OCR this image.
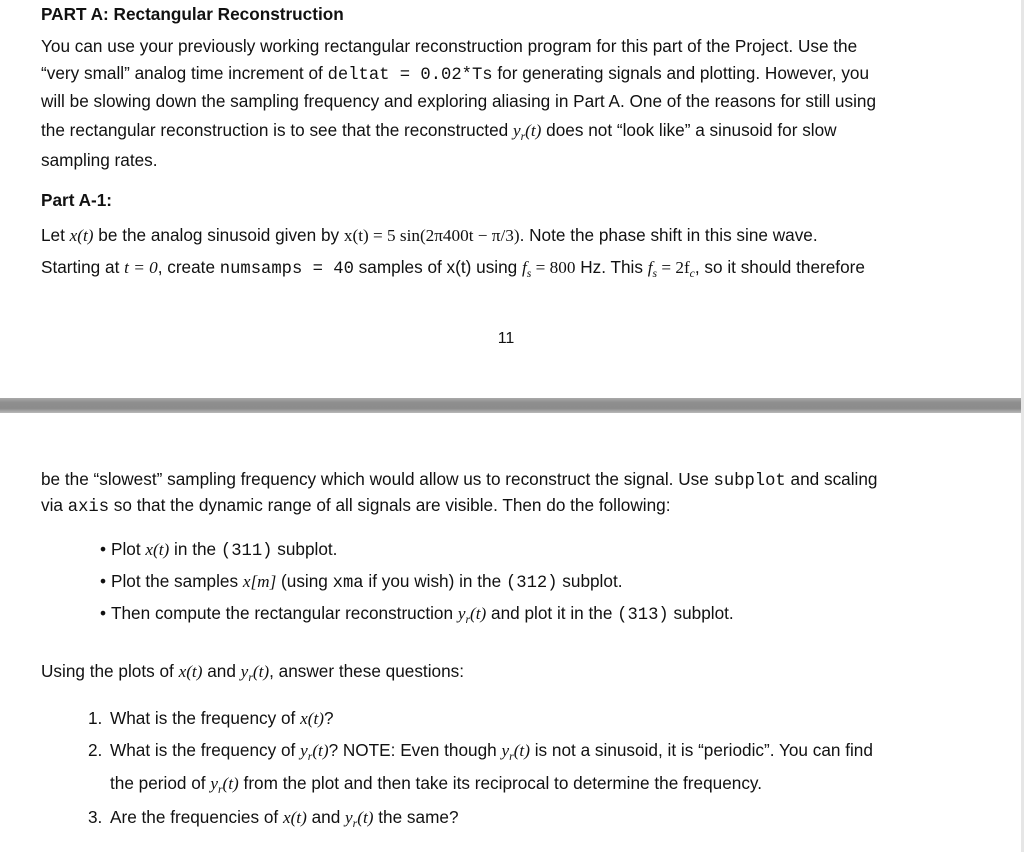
PART A: Rectangular Reconstruction
You can use your previously working rectangular reconstruction program for this part of the Project. Use the
“very small” analog time increment of deltat = 0.02*Ts for generating signals and plotting. However, you
will be slowing down the sampling frequency and exploring aliasing in Part A. One of the reasons for still using
the rectangular reconstruction is to see that the reconstructed $y_r(t)$ does not “look like” a sinusoid for slow
sampling rates.
Part A-1:
Let x(t) be the analog sinusoid given by x(t) = 5 sin(2π400t − π/3). Note the phase shift in this sine wave.
Starting at t = 0, create numsamps = 40 samples of x(t) using $f_s = 800$ Hz. This $f_s = 2f_c$, so it should therefore
11
be the “slowest” sampling frequency which would allow us to reconstruct the signal. Use subplot and scaling
via axis so that the dynamic range of all signals are visible. Then do the following:
• Plot x(t) in the (311) subplot.
• Plot the samples x[m] (using xma if you wish) in the (312) subplot.
• Then compute the rectangular reconstruction $y_r(t)$ and plot it in the (313) subplot.
Using the plots of x(t) and $y_r(t)$, answer these questions:
1. What is the frequency of x(t)?
2. What is the frequency of $y_r(t)$? NOTE: Even though $y_r(t)$ is not a sinusoid, it is “periodic”. You can find
the period of $y_r(t)$ from the plot and then take its reciprocal to determine the frequency.
3. Are the frequencies of x(t) and $y_r(t)$ the same?
